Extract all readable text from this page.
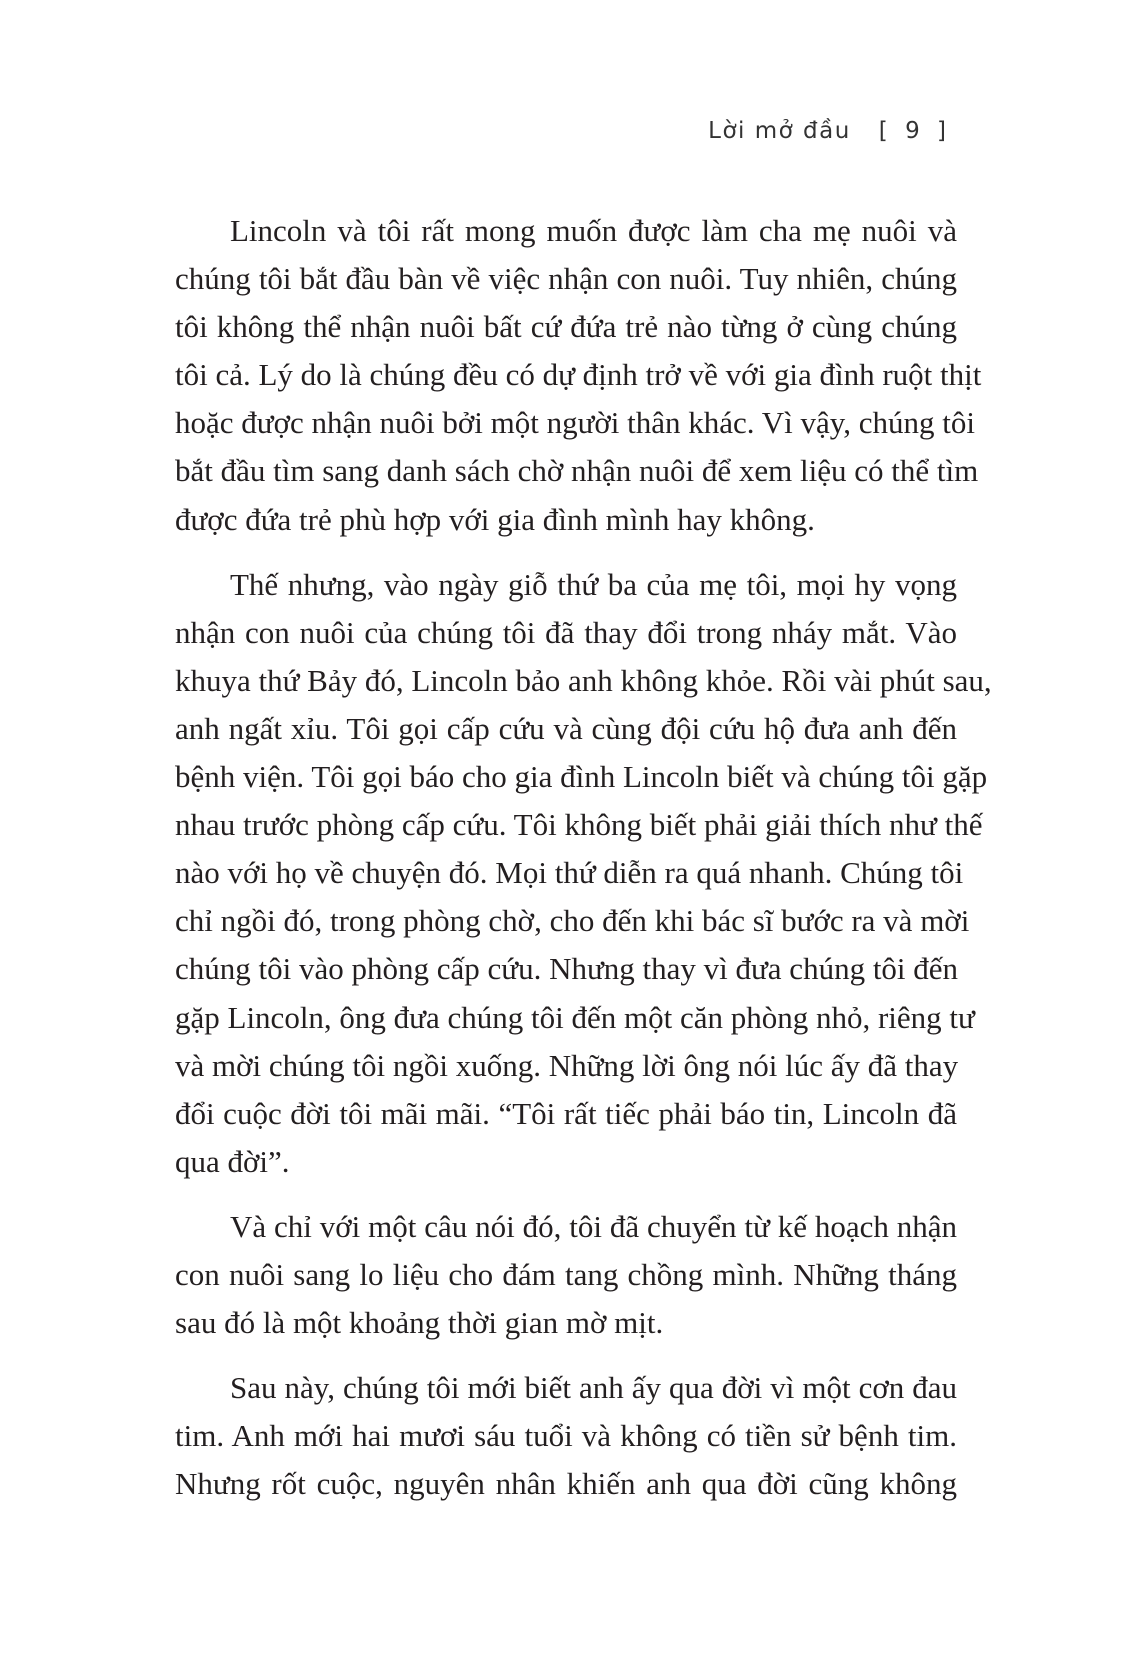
Lời mở đầu [ 9 ]
Lincoln và tôi rất mong muốn được làm cha mẹ nuôi và
chúng tôi bắt đầu bàn về việc nhận con nuôi. Tuy nhiên, chúng
tôi không thể nhận nuôi bất cứ đứa trẻ nào từng ở cùng chúng
tôi cả. Lý do là chúng đều có dự định trở về với gia đình ruột thịt
hoặc được nhận nuôi bởi một người thân khác. Vì vậy, chúng tôi
bắt đầu tìm sang danh sách chờ nhận nuôi để xem liệu có thể tìm
được đứa trẻ phù hợp với gia đình mình hay không.
Thế nhưng, vào ngày giỗ thứ ba của mẹ tôi, mọi hy vọng
nhận con nuôi của chúng tôi đã thay đổi trong nháy mắt. Vào
khuya thứ Bảy đó, Lincoln bảo anh không khỏe. Rồi vài phút sau,
anh ngất xỉu. Tôi gọi cấp cứu và cùng đội cứu hộ đưa anh đến
bệnh viện. Tôi gọi báo cho gia đình Lincoln biết và chúng tôi gặp
nhau trước phòng cấp cứu. Tôi không biết phải giải thích như thế
nào với họ về chuyện đó. Mọi thứ diễn ra quá nhanh. Chúng tôi
chỉ ngồi đó, trong phòng chờ, cho đến khi bác sĩ bước ra và mời
chúng tôi vào phòng cấp cứu. Nhưng thay vì đưa chúng tôi đến
gặp Lincoln, ông đưa chúng tôi đến một căn phòng nhỏ, riêng tư
và mời chúng tôi ngồi xuống. Những lời ông nói lúc ấy đã thay
đổi cuộc đời tôi mãi mãi. “Tôi rất tiếc phải báo tin, Lincoln đã
qua đời”.
Và chỉ với một câu nói đó, tôi đã chuyển từ kế hoạch nhận
con nuôi sang lo liệu cho đám tang chồng mình. Những tháng
sau đó là một khoảng thời gian mờ mịt.
Sau này, chúng tôi mới biết anh ấy qua đời vì một cơn đau
tim. Anh mới hai mươi sáu tuổi và không có tiền sử bệnh tim.
Nhưng rốt cuộc, nguyên nhân khiến anh qua đời cũng không
